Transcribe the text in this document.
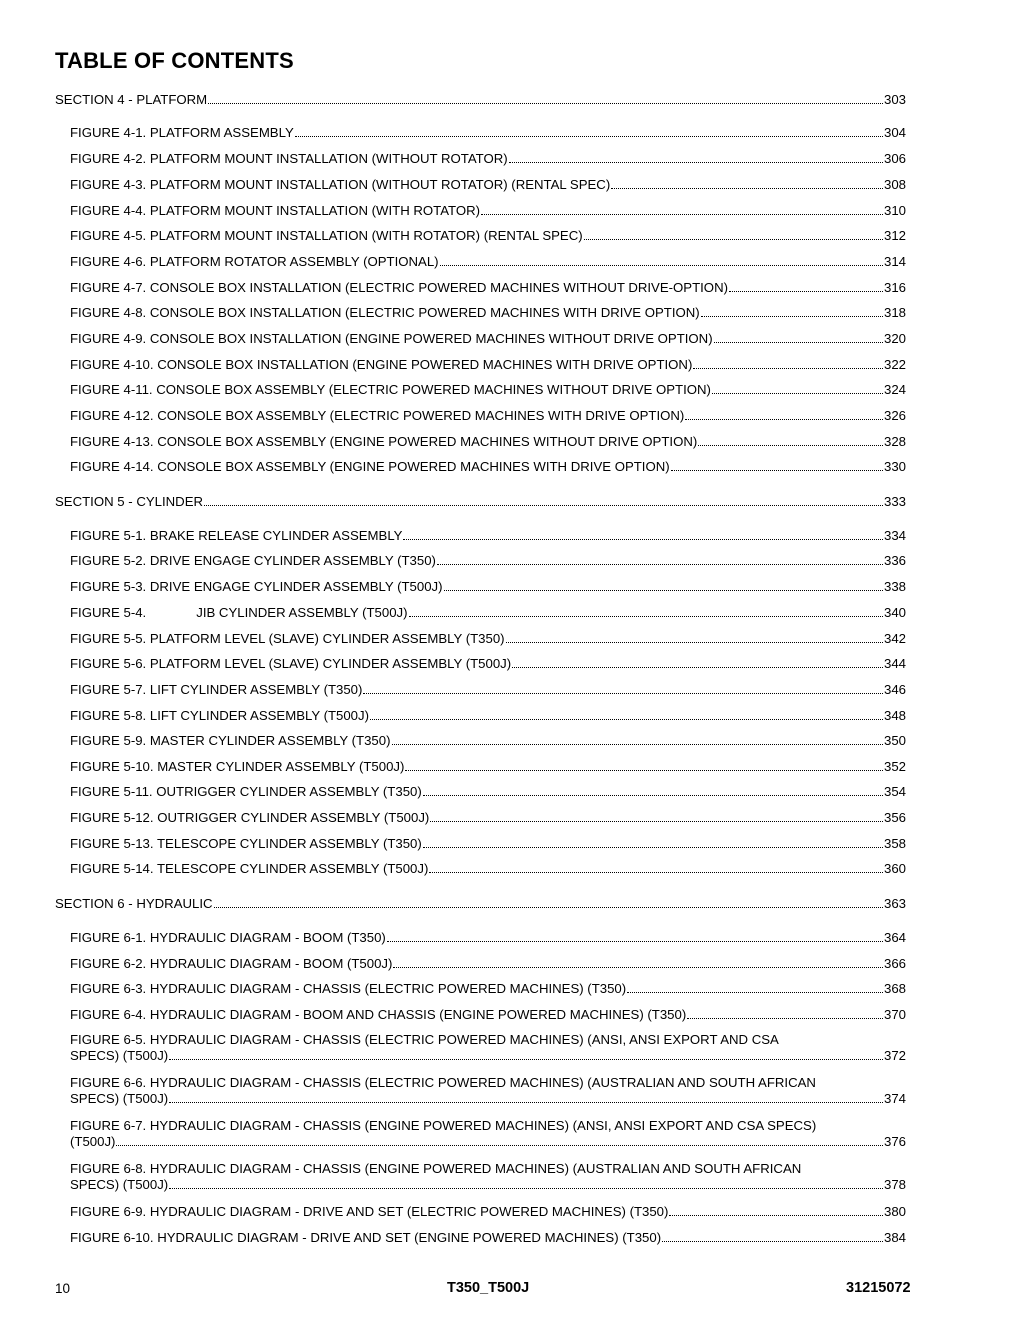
TABLE OF CONTENTS
SECTION 4 - PLATFORM	303
FIGURE 4-1. PLATFORM ASSEMBLY	304
FIGURE 4-2. PLATFORM MOUNT INSTALLATION (WITHOUT ROTATOR)	306
FIGURE 4-3. PLATFORM MOUNT INSTALLATION (WITHOUT ROTATOR) (RENTAL SPEC)	308
FIGURE 4-4. PLATFORM MOUNT INSTALLATION (WITH ROTATOR)	310
FIGURE 4-5. PLATFORM MOUNT INSTALLATION (WITH ROTATOR) (RENTAL SPEC)	312
FIGURE 4-6. PLATFORM ROTATOR ASSEMBLY (OPTIONAL)	314
FIGURE 4-7. CONSOLE BOX INSTALLATION (ELECTRIC POWERED MACHINES WITHOUT DRIVE-OPTION)	316
FIGURE 4-8. CONSOLE BOX INSTALLATION (ELECTRIC POWERED MACHINES WITH DRIVE OPTION)	318
FIGURE 4-9. CONSOLE BOX INSTALLATION (ENGINE POWERED MACHINES WITHOUT DRIVE OPTION)	320
FIGURE 4-10. CONSOLE BOX INSTALLATION (ENGINE POWERED MACHINES WITH DRIVE OPTION)	322
FIGURE 4-11. CONSOLE BOX ASSEMBLY (ELECTRIC POWERED MACHINES WITHOUT DRIVE OPTION)	324
FIGURE 4-12. CONSOLE BOX ASSEMBLY (ELECTRIC POWERED MACHINES WITH DRIVE OPTION)	326
FIGURE 4-13. CONSOLE BOX ASSEMBLY (ENGINE POWERED MACHINES WITHOUT DRIVE OPTION)	328
FIGURE 4-14. CONSOLE BOX ASSEMBLY (ENGINE POWERED MACHINES WITH DRIVE OPTION)	330
SECTION 5 - CYLINDER	333
FIGURE 5-1. BRAKE RELEASE CYLINDER ASSEMBLY	334
FIGURE 5-2. DRIVE ENGAGE CYLINDER ASSEMBLY (T350)	336
FIGURE 5-3. DRIVE ENGAGE CYLINDER ASSEMBLY (T500J)	338
FIGURE 5-4.	JIB CYLINDER ASSEMBLY (T500J)	340
FIGURE 5-5. PLATFORM LEVEL (SLAVE) CYLINDER ASSEMBLY (T350)	342
FIGURE 5-6. PLATFORM LEVEL (SLAVE) CYLINDER ASSEMBLY (T500J)	344
FIGURE 5-7. LIFT CYLINDER ASSEMBLY (T350)	346
FIGURE 5-8. LIFT CYLINDER ASSEMBLY (T500J)	348
FIGURE 5-9. MASTER CYLINDER ASSEMBLY (T350)	350
FIGURE 5-10. MASTER CYLINDER ASSEMBLY (T500J)	352
FIGURE 5-11. OUTRIGGER CYLINDER ASSEMBLY (T350)	354
FIGURE 5-12. OUTRIGGER CYLINDER ASSEMBLY (T500J)	356
FIGURE 5-13. TELESCOPE CYLINDER ASSEMBLY (T350)	358
FIGURE 5-14. TELESCOPE CYLINDER ASSEMBLY (T500J)	360
SECTION 6 - HYDRAULIC	363
FIGURE 6-1. HYDRAULIC DIAGRAM - BOOM (T350)	364
FIGURE 6-2. HYDRAULIC DIAGRAM - BOOM (T500J)	366
FIGURE 6-3. HYDRAULIC DIAGRAM - CHASSIS (ELECTRIC POWERED MACHINES) (T350)	368
FIGURE 6-4. HYDRAULIC DIAGRAM - BOOM AND CHASSIS (ENGINE POWERED MACHINES) (T350)	370
FIGURE 6-5. HYDRAULIC DIAGRAM - CHASSIS (ELECTRIC POWERED MACHINES) (ANSI, ANSI EXPORT AND CSA
SPECS) (T500J)	372
FIGURE 6-6. HYDRAULIC DIAGRAM - CHASSIS (ELECTRIC POWERED MACHINES) (AUSTRALIAN AND SOUTH AFRICAN
SPECS) (T500J)	374
FIGURE 6-7. HYDRAULIC DIAGRAM - CHASSIS (ENGINE POWERED MACHINES) (ANSI, ANSI EXPORT AND CSA SPECS)
(T500J)	376
FIGURE 6-8. HYDRAULIC DIAGRAM - CHASSIS (ENGINE POWERED MACHINES) (AUSTRALIAN AND SOUTH AFRICAN
SPECS) (T500J)	378
FIGURE 6-9. HYDRAULIC DIAGRAM - DRIVE AND SET (ELECTRIC POWERED MACHINES) (T350)	380
FIGURE 6-10. HYDRAULIC DIAGRAM - DRIVE AND SET (ENGINE POWERED MACHINES) (T350)	384
10	T350_T500J	31215072
